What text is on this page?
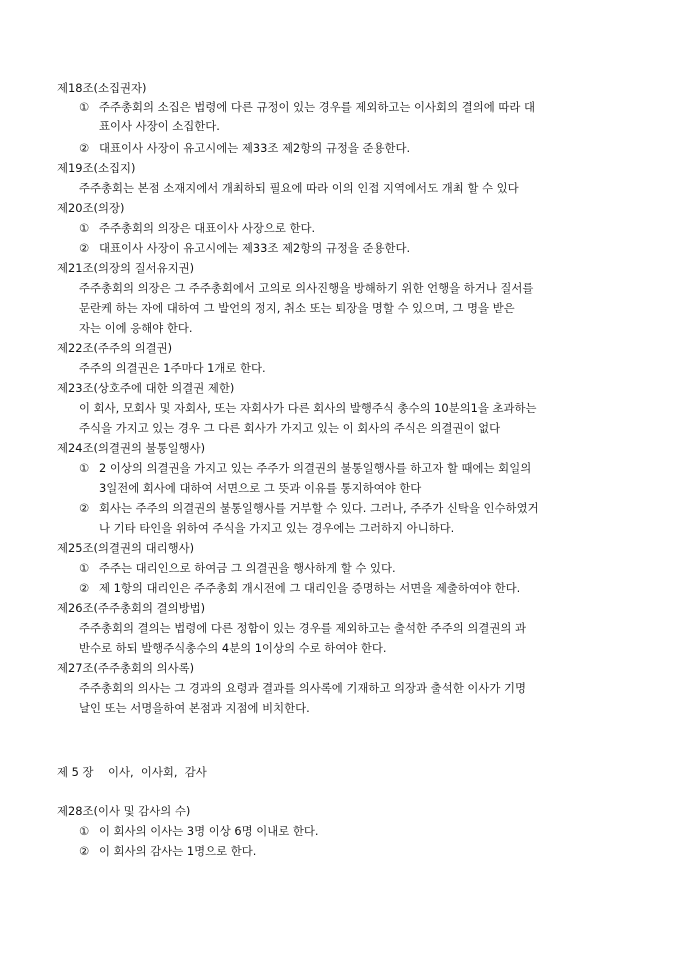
제18조(소집권자)
① 주주총회의 소집은 법령에 다른 규정이 있는 경우를 제외하고는 이사회의 결의에 따라 대
표이사 사장이 소집한다.
② 대표이사 사장이 유고시에는 제33조 제2항의 규정을 준용한다.
제19조(소집지)
주주총회는 본점 소재지에서 개최하되 필요에 따라 이의 인접 지역에서도 개최 할 수 있다
제20조(의장)
① 주주총회의 의장은 대표이사 사장으로 한다.
② 대표이사 사장이 유고시에는 제33조 제2항의 규정을 준용한다.
제21조(의장의 질서유지권)
주주총회의 의장은 그 주주총회에서 고의로 의사진행을 방해하기 위한 언행을 하거나 질서를
문란케 하는 자에 대하여 그 발언의 정지, 취소 또는 퇴장을 명할 수 있으며, 그 명을 받은
자는 이에 응해야 한다.
제22조(주주의 의결권)
주주의 의결권은 1주마다 1개로 한다.
제23조(상호주에 대한 의결권 제한)
이 회사, 모회사 및 자회사, 또는 자회사가 다른 회사의 발행주식 총수의 10분의1을 초과하는
주식을 가지고 있는 경우 그 다른 회사가 가지고 있는 이 회사의 주식은 의결권이 없다
제24조(의결권의 불통일행사)
① 2 이상의 의결권을 가지고 있는 주주가 의결권의 불통일행사를 하고자 할 때에는 회일의
3일전에 회사에 대하여 서면으로 그 뜻과 이유를 통지하여야 한다
② 회사는 주주의 의결권의 불통일행사를 거부할 수 있다. 그러나, 주주가 신탁을 인수하였거
나 기타 타인을 위하여 주식을 가지고 있는 경우에는 그러하지 아니하다.
제25조(의결권의 대리행사)
① 주주는 대리인으로 하여금 그 의결권을 행사하게 할 수 있다.
② 제 1항의 대리인은 주주총회 개시전에 그 대리인을 증명하는 서면을 제출하여야 한다.
제26조(주주총회의 결의방법)
주주총회의 결의는 법령에 다른 정함이 있는 경우를 제외하고는 출석한 주주의 의결권의 과
반수로 하되 발행주식총수의 4분의 1이상의 수로 하여야 한다.
제27조(주주총회의 의사록)
주주총회의 의사는 그 경과의 요령과 결과를 의사록에 기재하고 의장과 출석한 이사가 기명
날인 또는 서명을하여 본점과 지점에 비치한다.
제 5 장    이사,  이사회,  감사
제28조(이사 및 감사의 수)
① 이 회사의 이사는 3명 이상 6명 이내로 한다.
② 이 회사의 감사는 1명으로 한다.
